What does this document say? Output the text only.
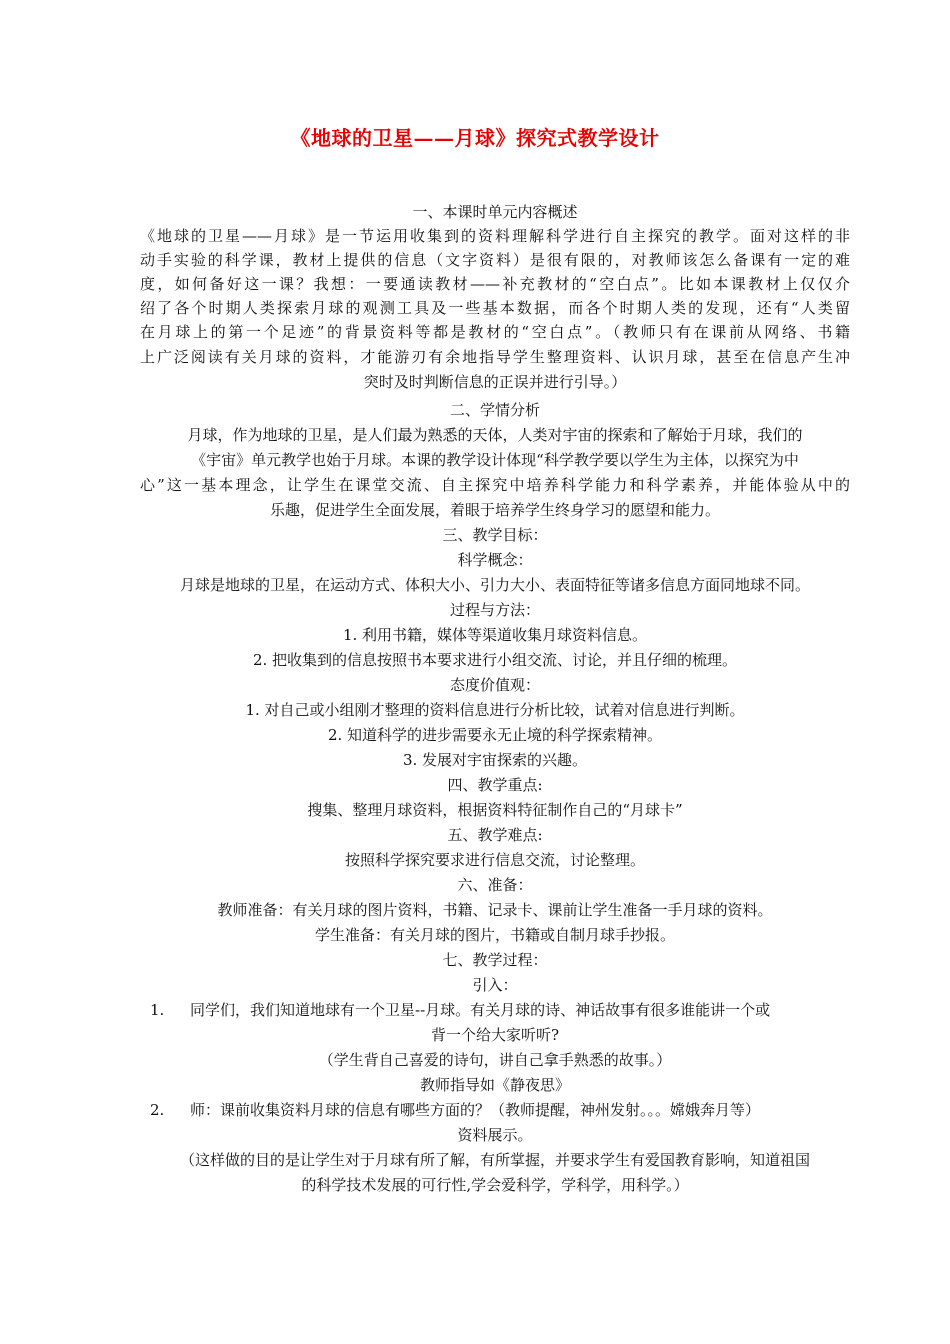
《地球的卫星——月球》探究式教学设计
一、本课时单元内容概述
《地球的卫星——月球》是一节运用收集到的资料理解科学进行自主探究的教学。面对这样的非
动手实验的科学课，教材上提供的信息（文字资料）是很有限的，对教师该怎么备课有一定的难
度，如何备好这一课？我想：一要通读教材——补充教材的“空白点”。比如本课教材上仅仅介
绍了各个时期人类探索月球的观测工具及一些基本数据，而各个时期人类的发现，还有“人类留
在月球上的第一个足迹”的背景资料等都是教材的“空白点”。（教师只有在课前从网络、书籍
上广泛阅读有关月球的资料，才能游刃有余地指导学生整理资料、认识月球，甚至在信息产生冲
突时及时判断信息的正误并进行引导。）
二、学情分析
月球，作为地球的卫星，是人们最为熟悉的天体，人类对宇宙的探索和了解始于月球，我们的
《宇宙》单元教学也始于月球。本课的教学设计体现“科学教学要以学生为主体，以探究为中
心”这一基本理念，让学生在课堂交流、自主探究中培养科学能力和科学素养，并能体验从中的
乐趣，促进学生全面发展，着眼于培养学生终身学习的愿望和能力。
三、教学目标：
科学概念：
月球是地球的卫星，在运动方式、体积大小、引力大小、表面特征等诸多信息方面同地球不同。
过程与方法：
1. 利用书籍，媒体等渠道收集月球资料信息。
2. 把收集到的信息按照书本要求进行小组交流、讨论，并且仔细的梳理。
态度价值观：
1. 对自己或小组刚才整理的资料信息进行分析比较，试着对信息进行判断。
2. 知道科学的进步需要永无止境的科学探索精神。
3. 发展对宇宙探索的兴趣。
四、教学重点:
搜集、整理月球资料，根据资料特征制作自己的“月球卡”
五、教学难点:
按照科学探究要求进行信息交流，讨论整理。
六、准备：
教师准备：有关月球的图片资料，书籍、记录卡、课前让学生准备一手月球的资料。
学生准备：有关月球的图片，书籍或自制月球手抄报。
七、教学过程：
引入：
1. 同学们，我们知道地球有一个卫星--月球。有关月球的诗、神话故事有很多谁能讲一个或
背一个给大家听听?
（学生背自己喜爱的诗句，讲自己拿手熟悉的故事。）
教师指导如《静夜思》
2. 师：课前收集资料月球的信息有哪些方面的？（教师提醒，神州发射。。。嫦娥奔月等）
资料展示。
（这样做的目的是让学生对于月球有所了解，有所掌握，并要求学生有爱国教育影响，知道祖国
的科学技术发展的可行性,学会爱科学，学科学，用科学。）
